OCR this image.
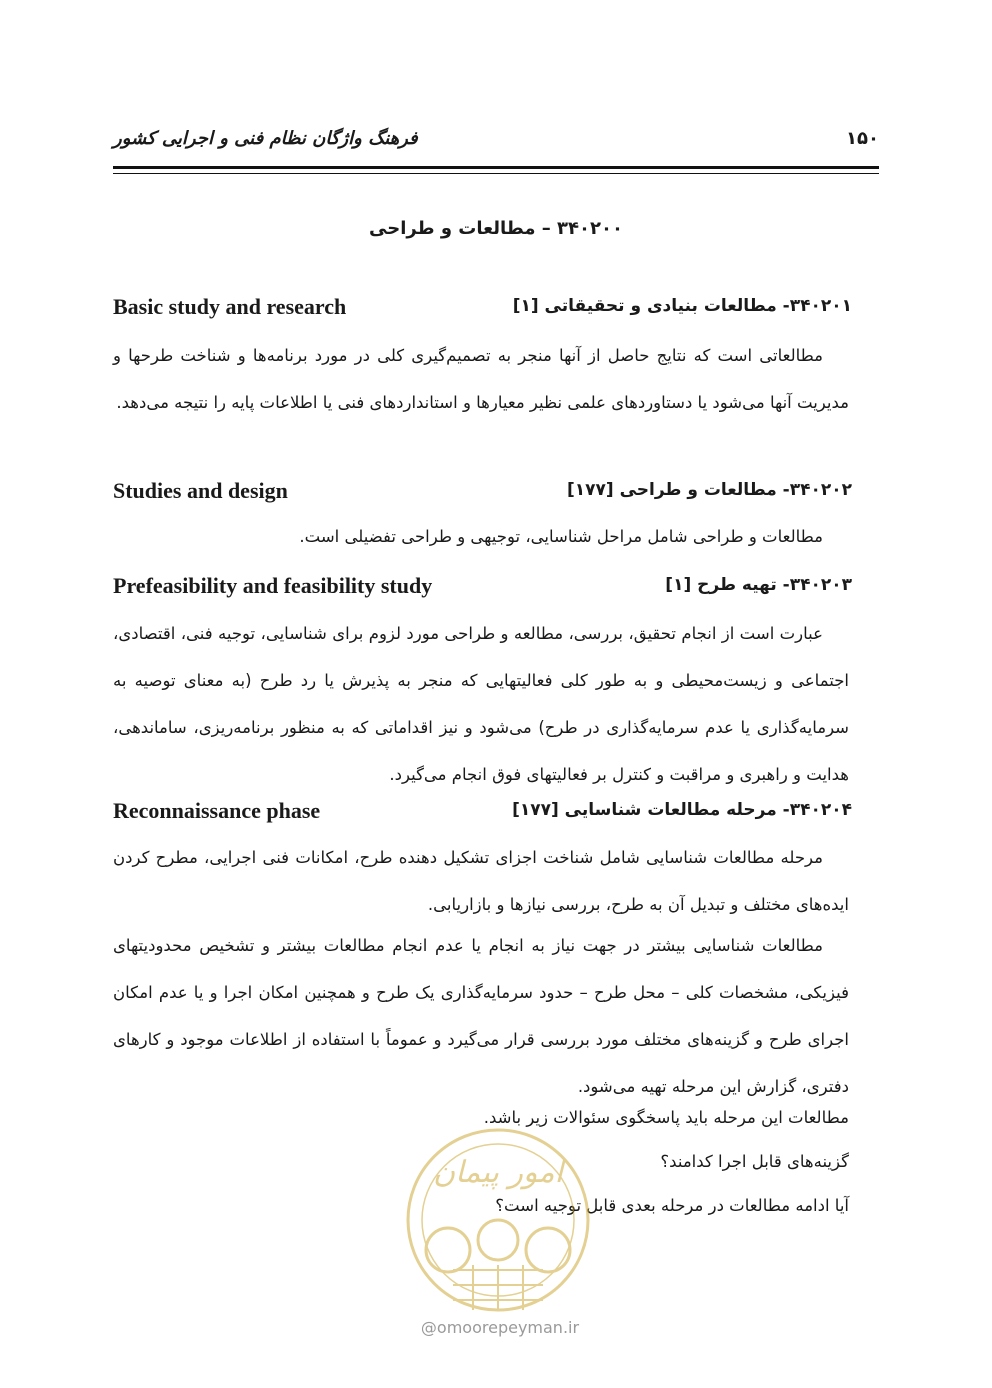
فرهنگ واژگان نظام فنی و اجرایی کشور	۱۵۰
۳۴۰۲۰۰ – مطالعات و طراحی
۳۴۰۲۰۱- مطالعات بنیادی و تحقیقاتی [۱]
Basic study and research
مطالعاتی است که نتایج حاصل از آنها منجر به تصمیم‌گیری کلی در مورد برنامه‌ها و شناخت طرحها و مدیریت آنها می‌شود یا دستاوردهای علمی نظیر معیارها و استانداردهای فنی یا اطلاعات پایه را نتیجه می‌دهد.
۳۴۰۲۰۲- مطالعات و طراحی [۱۷۷]
Studies and design
مطالعات و طراحی شامل مراحل شناسایی، توجیهی و طراحی تفضیلی است.
۳۴۰۲۰۳- تهیه طرح [۱]
Prefeasibility and feasibility study
عبارت است از انجام تحقیق، بررسی، مطالعه و طراحی مورد لزوم برای شناسایی، توجیه فنی، اقتصادی، اجتماعی و زیست‌محیطی و به طور کلی فعالیتهایی که منجر به پذیرش یا رد طرح (به معنای توصیه به سرمایه‌گذاری یا عدم سرمایه‌گذاری در طرح) می‌شود و نیز اقداماتی که به منظور برنامه‌ریزی، ساماندهی، هدایت و راهبری و مراقبت و کنترل بر فعالیتهای فوق انجام می‌گیرد.
۳۴۰۲۰۴- مرحله مطالعات شناسایی [۱۷۷]
Reconnaissance phase
مرحله مطالعات شناسایی شامل شناخت اجزای تشکیل دهنده طرح، امکانات فنی اجرایی، مطرح کردن ایده‌های مختلف و تبدیل آن به طرح، بررسی نیازها و بازاریابی.
مطالعات شناسایی بیشتر در جهت نیاز به انجام یا عدم انجام مطالعات بیشتر و تشخیص محدودیتهای فیزیکی، مشخصات کلی – محل طرح – حدود سرمایه‌گذاری یک طرح و همچنین امکان اجرا و یا عدم امکان اجرای طرح و گزینه‌های مختلف مورد بررسی قرار می‌گیرد و عموماً با استفاده از اطلاعات موجود و کارهای دفتری، گزارش این مرحله تهیه می‌شود.
مطالعات این مرحله باید پاسخگوی سئوالات زیر باشد.
گزینه‌های قابل اجرا کدامند؟
آیا ادامه مطالعات در مرحله بعدی قابل توجیه است؟
امور پیمان
@omoorepeyman.ir
